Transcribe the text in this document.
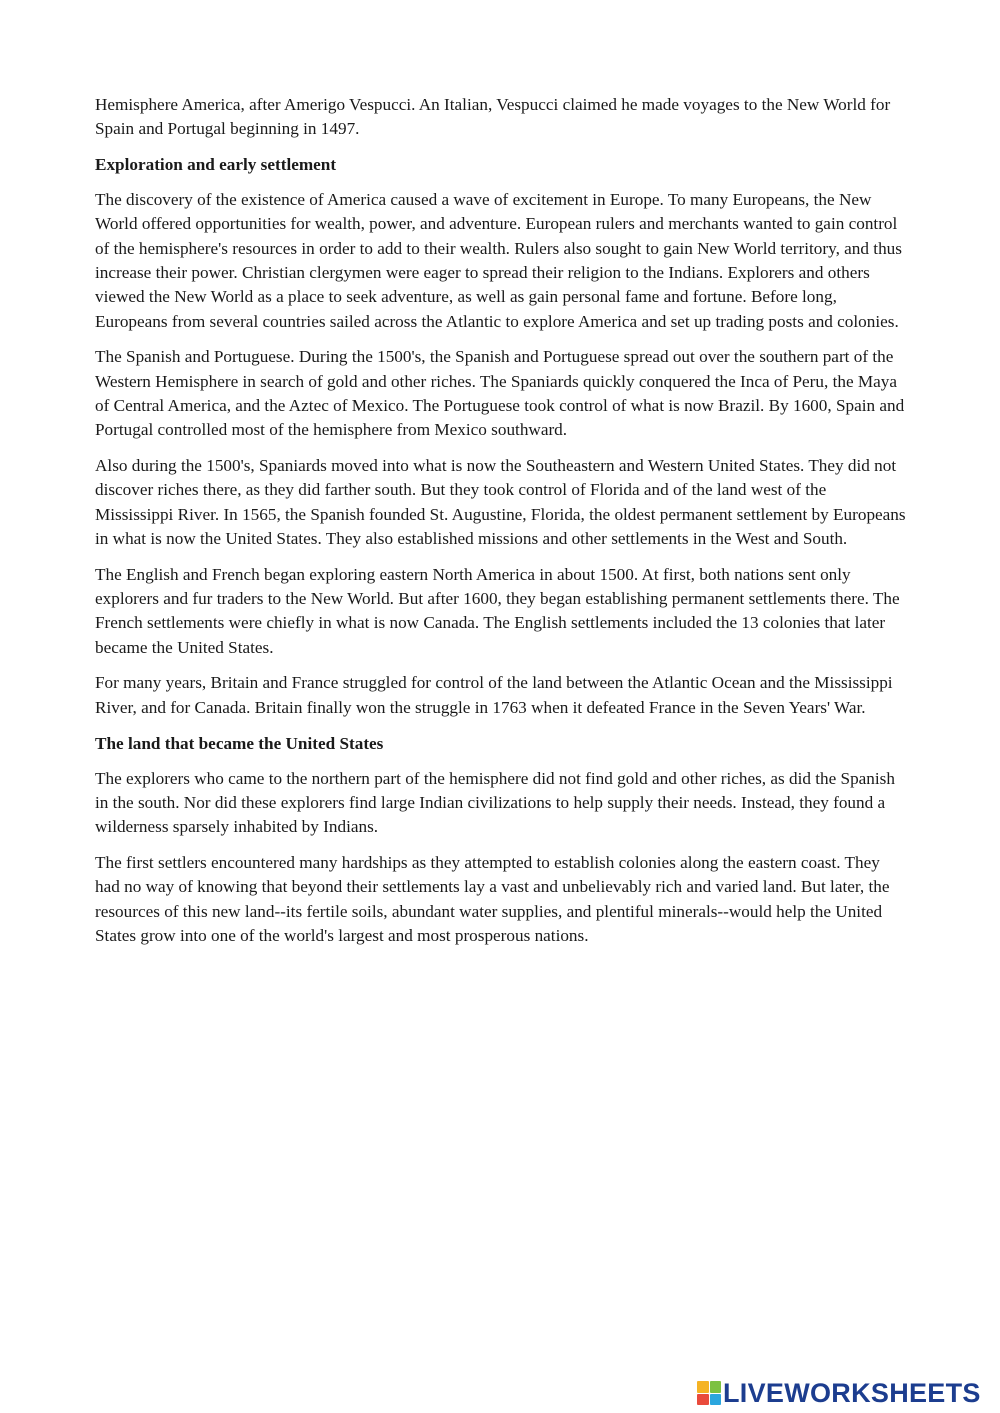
Hemisphere America, after Amerigo Vespucci. An Italian, Vespucci claimed he made voyages to the New World for Spain and Portugal beginning in 1497.

Exploration and early settlement

The discovery of the existence of America caused a wave of excitement in Europe. To many Europeans, the New World offered opportunities for wealth, power, and adventure. European rulers and merchants wanted to gain control of the hemisphere's resources in order to add to their wealth. Rulers also sought to gain New World territory, and thus increase their power. Christian clergymen were eager to spread their religion to the Indians. Explorers and others viewed the New World as a place to seek adventure, as well as gain personal fame and fortune. Before long, Europeans from several countries sailed across the Atlantic to explore America and set up trading posts and colonies.

The Spanish and Portuguese. During the 1500's, the Spanish and Portuguese spread out over the southern part of the Western Hemisphere in search of gold and other riches. The Spaniards quickly conquered the Inca of Peru, the Maya of Central America, and the Aztec of Mexico. The Portuguese took control of what is now Brazil. By 1600, Spain and Portugal controlled most of the hemisphere from Mexico southward.

Also during the 1500's, Spaniards moved into what is now the Southeastern and Western United States. They did not discover riches there, as they did farther south. But they took control of Florida and of the land west of the Mississippi River. In 1565, the Spanish founded St. Augustine, Florida, the oldest permanent settlement by Europeans in what is now the United States. They also established missions and other settlements in the West and South.

The English and French began exploring eastern North America in about 1500. At first, both nations sent only explorers and fur traders to the New World. But after 1600, they began establishing permanent settlements there. The French settlements were chiefly in what is now Canada. The English settlements included the 13 colonies that later became the United States.

For many years, Britain and France struggled for control of the land between the Atlantic Ocean and the Mississippi River, and for Canada. Britain finally won the struggle in 1763 when it defeated France in the Seven Years' War.

The land that became the United States

The explorers who came to the northern part of the hemisphere did not find gold and other riches, as did the Spanish in the south. Nor did these explorers find large Indian civilizations to help supply their needs. Instead, they found a wilderness sparsely inhabited by Indians.

The first settlers encountered many hardships as they attempted to establish colonies along the eastern coast. They had no way of knowing that beyond their settlements lay a vast and unbelievably rich and varied land. But later, the resources of this new land--its fertile soils, abundant water supplies, and plentiful minerals--would help the United States grow into one of the world's largest and most prosperous nations.

LIVEWORKSHEETS
